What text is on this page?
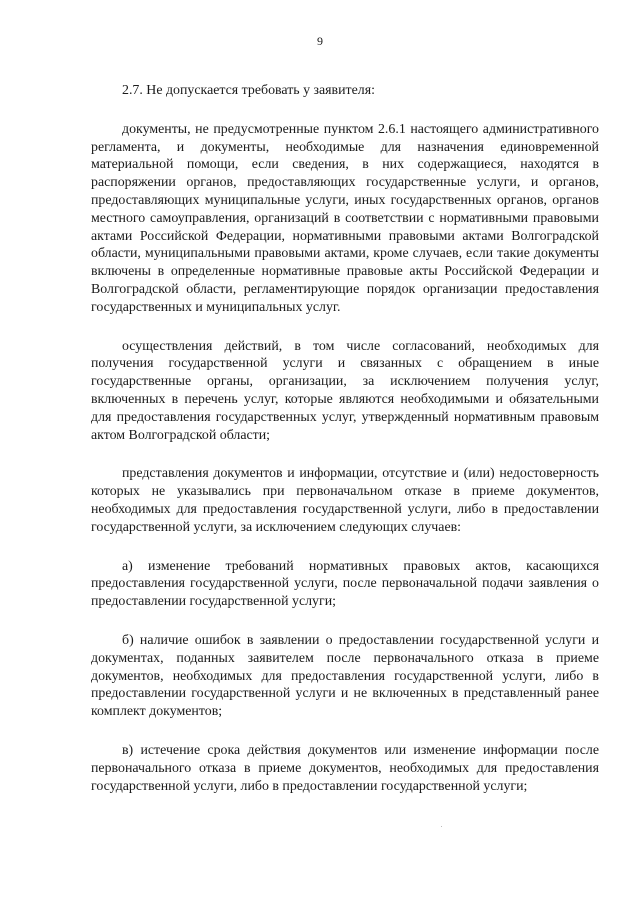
9

2.7. Не допускается требовать у заявителя:

документы, не предусмотренные пунктом 2.6.1 настоящего административного регламента, и документы, необходимые для назначения единовременной материальной помощи, если сведения, в них содержащиеся, находятся в распоряжении органов, предоставляющих государственные услуги, и органов, предоставляющих муниципальные услуги, иных государственных органов, органов местного самоуправления, организаций в соответствии с нормативными правовыми актами Российской Федерации, нормативными правовыми актами Волгоградской области, муниципальными правовыми актами, кроме случаев, если такие документы включены в определенные нормативные правовые акты Российской Федерации и Волгоградской области, регламентирующие порядок организации предоставления государственных и муниципальных услуг.

осуществления действий, в том числе согласований, необходимых для получения государственной услуги и связанных с обращением в иные государственные органы, организации, за исключением получения услуг, включенных в перечень услуг, которые являются необходимыми и обязательными для предоставления государственных услуг, утвержденный нормативным правовым актом Волгоградской области;

представления документов и информации, отсутствие и (или) недостоверность которых не указывались при первоначальном отказе в приеме документов, необходимых для предоставления государственной услуги, либо в предоставлении государственной услуги, за исключением следующих случаев:

а) изменение требований нормативных правовых актов, касающихся предоставления государственной услуги, после первоначальной подачи заявления о предоставлении государственной услуги;

б) наличие ошибок в заявлении о предоставлении государственной услуги и документах, поданных заявителем после первоначального отказа в приеме документов, необходимых для предоставления государственной услуги, либо в предоставлении государственной услуги и не включенных в представленный ранее комплект документов;

в) истечение срока действия документов или изменение информации после первоначального отказа в приеме документов, необходимых для предоставления государственной услуги, либо в предоставлении государственной услуги;
